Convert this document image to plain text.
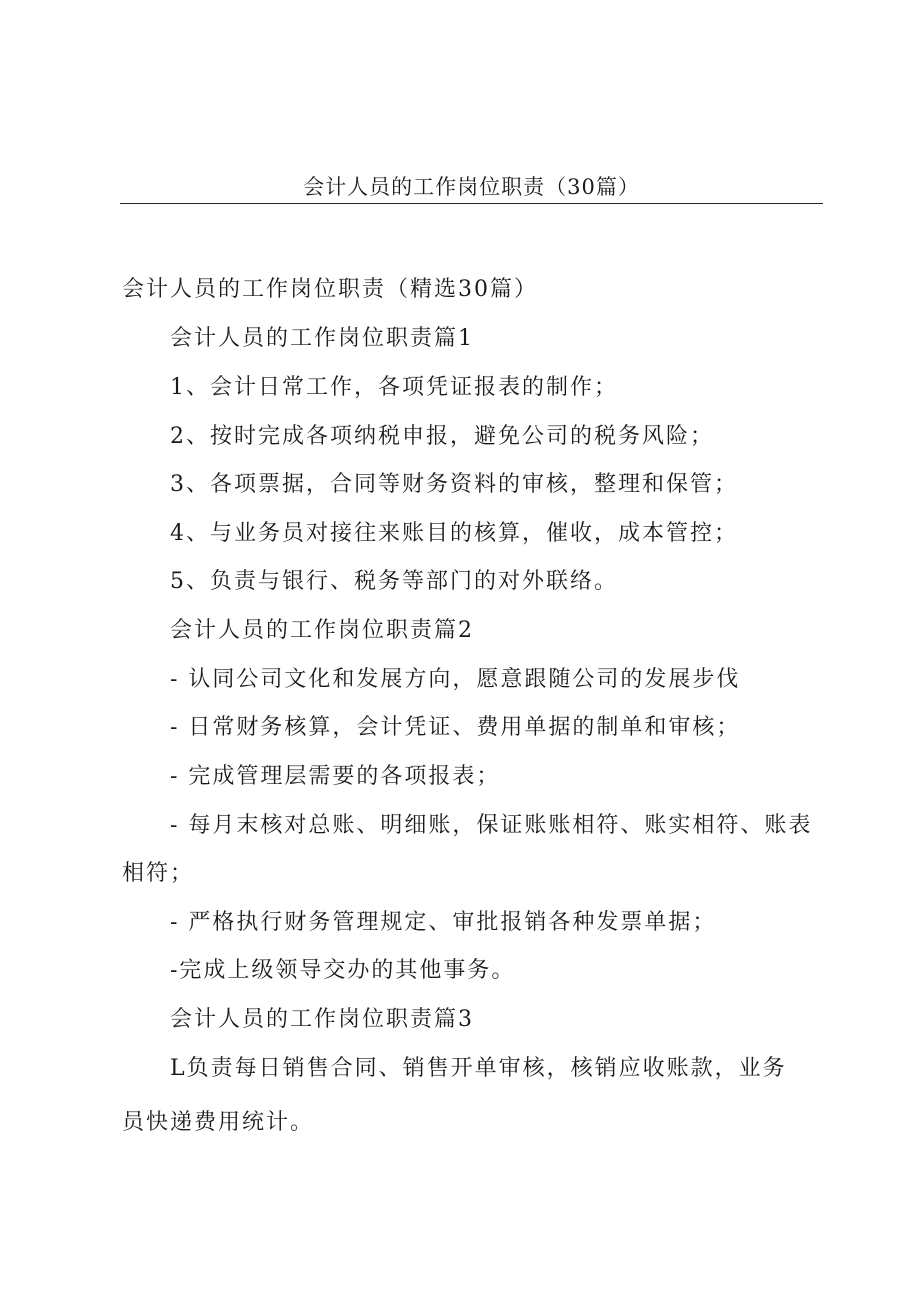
会计人员的工作岗位职责（30篇）
会计人员的工作岗位职责（精选30篇）
会计人员的工作岗位职责篇1
1、会计日常工作，各项凭证报表的制作；
2、按时完成各项纳税申报，避免公司的税务风险；
3、各项票据，合同等财务资料的审核，整理和保管；
4、与业务员对接往来账目的核算，催收，成本管控；
5、负责与银行、税务等部门的对外联络。
会计人员的工作岗位职责篇2
- 认同公司文化和发展方向，愿意跟随公司的发展步伐
- 日常财务核算，会计凭证、费用单据的制单和审核；
- 完成管理层需要的各项报表；
- 每月末核对总账、明细账，保证账账相符、账实相符、账表
相符；
- 严格执行财务管理规定、审批报销各种发票单据；
-完成上级领导交办的其他事务。
会计人员的工作岗位职责篇3
L负责每日销售合同、销售开单审核，核销应收账款，业务
员快递费用统计。
